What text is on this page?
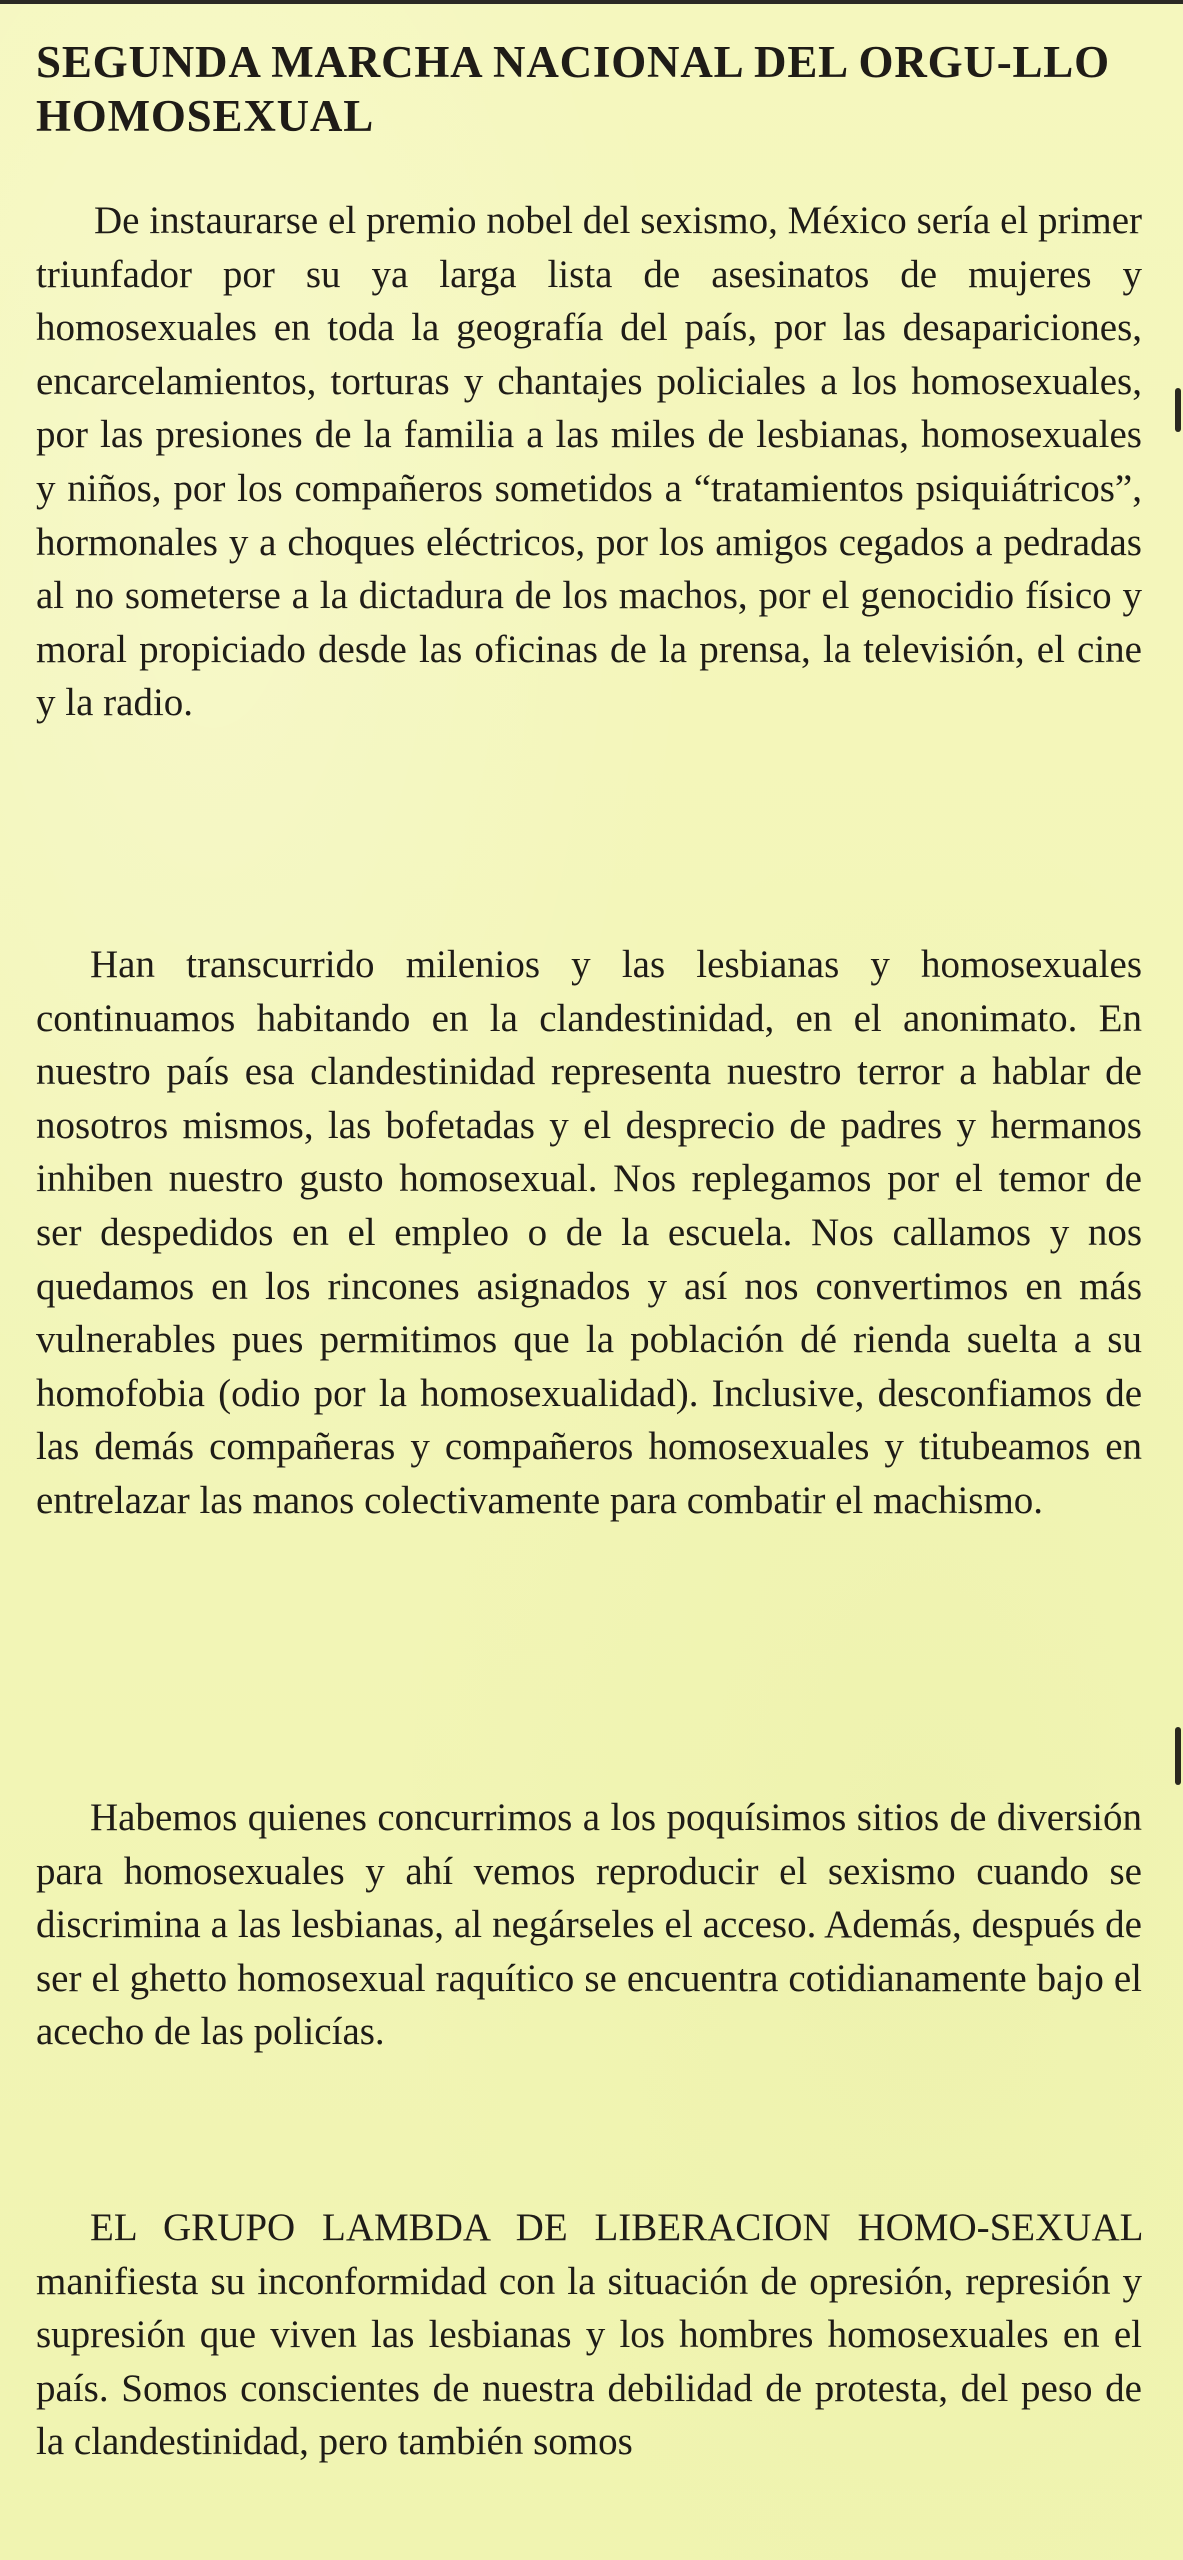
SEGUNDA MARCHA NACIONAL DEL ORGU-LLO HOMOSEXUAL

De instaurarse el premio nobel del sexismo, México sería el primer triunfador por su ya larga lista de asesinatos de mujeres y homosexuales en toda la geografía del país, por las desapariciones, encarcelamientos, torturas y chantajes policiales a los homosexuales, por las presiones de la familia a las miles de lesbianas, homosexuales y niños, por los compañeros sometidos a “tratamientos psiquiátricos”, hormonales y a choques eléctricos, por los amigos cegados a pedradas al no someterse a la dictadura de los machos, por el genocidio físico y moral propiciado desde las oficinas de la prensa, la televisión, el cine y la radio.

Han transcurrido milenios y las lesbianas y homosexuales continuamos habitando en la clandestinidad, en el anonimato. En nuestro país esa clandestinidad representa nuestro terror a hablar de nosotros mismos, las bofetadas y el desprecio de padres y hermanos inhiben nuestro gusto homosexual. Nos replegamos por el temor de ser despedidos en el empleo o de la escuela. Nos callamos y nos quedamos en los rincones asignados y así nos convertimos en más vulnerables pues permitimos que la población dé rienda suelta a su homofobia (odio por la homosexualidad). Inclusive, desconfiamos de las demás compañeras y compañeros homosexuales y titubeamos en entrelazar las manos colectivamente para combatir el machismo.

Habemos quienes concurrimos a los poquísimos sitios de diversión para homosexuales y ahí vemos reproducir el sexismo cuando se discrimina a las lesbianas, al negárseles el acceso. Además, después de ser el ghetto homosexual raquítico se encuentra cotidianamente bajo el acecho de las policías.

EL GRUPO LAMBDA DE LIBERACION HOMO-SEXUAL manifiesta su inconformidad con la situación de opresión, represión y supresión que viven las lesbianas y los hombres homosexuales en el país. Somos conscientes de nuestra debilidad de protesta, del peso de la clandestinidad, pero también somos
